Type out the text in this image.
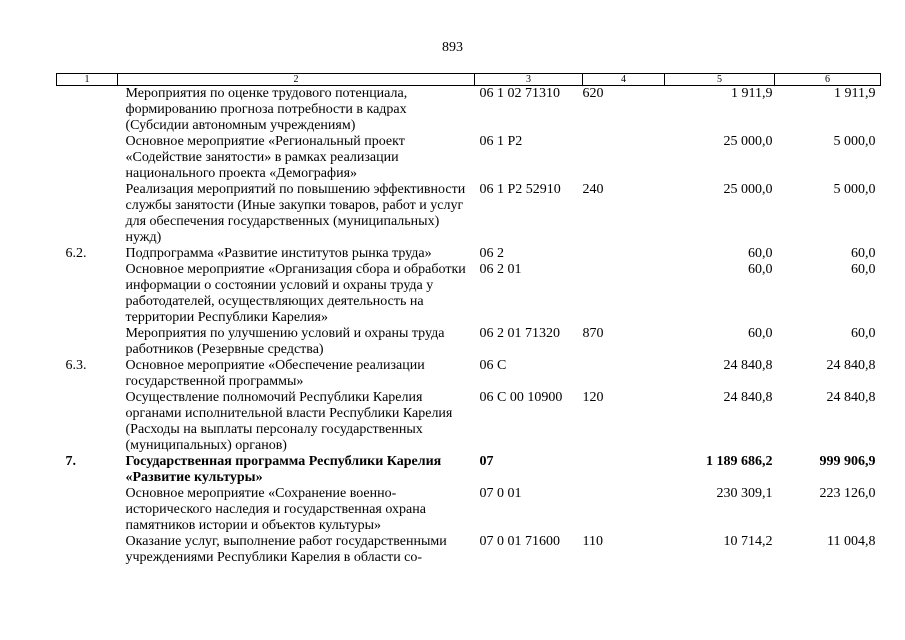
893
1	2	3	4	5	6
	Мероприятия по оценке трудового потенциала, формированию прогноза потребности в кадрах (Субсидии автономным учреждениям)	06 1 02 71310	620	1 911,9	1 911,9
	Основное мероприятие «Региональный проект «Содействие занятости» в рамках реализации национального проекта «Демография»	06 1 P2		25 000,0	5 000,0
	Реализация мероприятий по повышению эффективности службы занятости (Иные закупки товаров, работ и услуг для обеспечения государственных (муниципальных) нужд)	06 1 P2 52910	240	25 000,0	5 000,0
6.2.	Подпрограмма «Развитие институтов рынка труда»	06 2		60,0	60,0
	Основное мероприятие «Организация сбора и обработки информации о состоянии условий и охраны труда у работодателей, осуществляющих деятельность на территории Республики Карелия»	06 2 01		60,0	60,0
	Мероприятия по улучшению условий и охраны труда работников (Резервные средства)	06 2 01 71320	870	60,0	60,0
6.3.	Основное мероприятие «Обеспечение реализации государственной программы»	06 С		24 840,8	24 840,8
	Осуществление полномочий Республики Карелия органами исполнительной власти Республики Карелия (Расходы на выплаты персоналу государственных (муниципальных) органов)	06 С 00 10900	120	24 840,8	24 840,8
7.	Государственная программа Республики Карелия «Развитие культуры»	07		1 189 686,2	999 906,9
	Основное мероприятие «Сохранение военно-исторического наследия и государственная охрана памятников истории и объектов культуры»	07 0 01		230 309,1	223 126,0
	Оказание услуг, выполнение работ государственными учреждениями Республики Карелия в области со-	07 0 01 71600	110	10 714,2	11 004,8
